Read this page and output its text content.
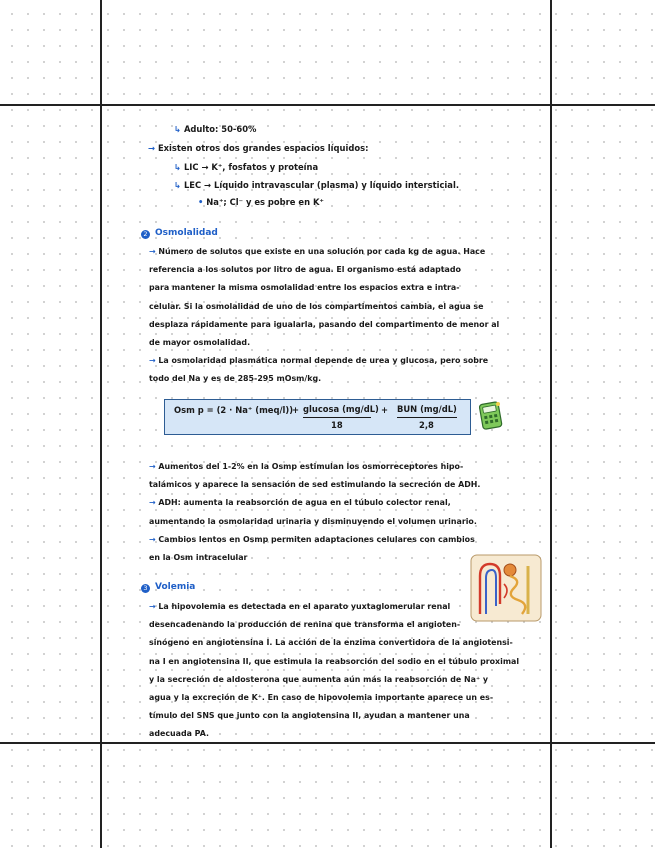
↳ Adulto: 50-60%
→ Existen otros dos grandes espacios líquidos:
↳ LIC → K⁺, fosfatos y proteína
↳ LEC → Líquido intravascular (plasma) y líquido intersticial.
• Na⁺; Cl⁻ y es pobre en K⁺
2 Osmolalidad
→ Número de solutos que existe en una solución por cada kg de agua. Hace
referencia a los solutos por litro de agua. El organismo está adaptado
para mantener la misma osmolalidad entre los espacios extra e intra-
celular. Si la osmolalidad de uno de los compartimentos cambia, el agua se
desplaza rápidamente para igualarla, pasando del compartimento de menor al
de mayor osmolalidad.
→ La osmolaridad plasmática normal depende de urea y glucosa, pero sobre
todo del Na y es de 285-295 mOsm/kg.
Osm p = (2 · Na⁺ (meq/l))
+ glucosa (mg/dL)
18
+ BUN (mg/dL)
2,8
→ Aumentos del 1-2% en la Osmp estimulan los osmorreceptores hipo-
talámicos y aparece la sensación de sed estimulando la secreción de ADH.
→ ADH: aumenta la reabsorción de agua en el túbulo colector renal,
aumentando la osmolaridad urinaria y disminuyendo el volumen urinario.
→ Cambios lentos en Osmp permiten adaptaciones celulares con cambios
en la Osm intracelular
3 Volemia
→ La hipovolemia es detectada en el aparato yuxtaglomerular renal
desencadenando la producción de renina que transforma el angioten-
sinógeno en angiotensina I. La acción de la enzima convertidora de la angiotensi-
na I en angiotensina II, que estimula la reabsorción del sodio en el túbulo proximal
y la secreción de aldosterona que aumenta aún más la reabsorción de Na⁺ y
agua y la excreción de K⁺. En caso de hipovolemia importante aparece un es-
tímulo del SNS que junto con la angiotensina II, ayudan a mantener una
adecuada PA.
